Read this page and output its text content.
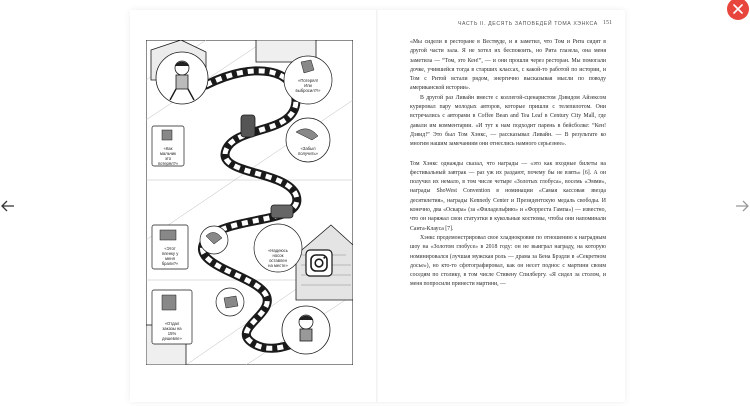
«Потерял! Или выбросил?!»
«Как мальчик это потерял?»
«Забыл получить»
«Надеюсь носок оставлен на месте»
«Этот пленку у меня брали?»
«Отдал заказы на 15% дешевле»
ЧАСТЬ II. ДЕСЯТЬ ЗАПОВЕДЕЙ ТОМА ХЭНКСА 151

«Мы сидели в ресторане в Вествуде, и я заметил, что Том и Рита сидят в другой части зала. Я не хотел их беспокоить, но Рита глазела, она меня заметила — “Том, это Кен!”, — и они прошли через ресторан. Мы помогали дочке, учившейся тогда в старших классах, с какой-то работой по истории, и Том с Ритой встали рядом, энергично высказывая мысли по поводу американской истории».

В другой раз Ливайн вместе с коллегой-сценаристом Дэвидом Айзексом курировал пару молодых авторов, которые пришли с телепилотом. Они встречались с авторами в Coffee Bean and Tea Leaf в Century City Mall, где давали им комментарии. «И тут к нам подходит парень в бейсболке: “Кен! Дэвид!” Это был Том Хэнкс, — рассказывал Ливайн. — В результате ко многим нашим замечаниям они отнеслись намного серьезнее».

Том Хэнкс однажды сказал, что награды — «это как входные билеты на фестивальный завтрак — раз уж их раздают, почему бы не взять» [6]. А он получил их немало, в том числе четыре «Золотых глобуса», восемь «Эмми», награды ShoWest Convention в номинации «Самая кассовая звезда десятилетия», награды Kennedy Center и Президентскую медаль свободы. И конечно, два «Оскара» (за «Филадельфию» и «Форреста Гампа») — известно, что он наряжал свои статуэтки в кукольные костюмы, чтобы они напоминали Санта-Клауса [7].

Хэнкс продемонстрировал свое хладнокровие по отношению к наградным шоу на «Золотом глобусе» в 2018 году: он не выиграл награду, на которую номинировался (лучшая мужская роль — драма за Бена Брэдли в «Секретном досье»), но кто-то сфотографировал, как он несет поднос с мартини своим соседям по столику, в том числе Стивену Спилбергу. «Я сидел за столом, и меня попросили принести мартини, —
